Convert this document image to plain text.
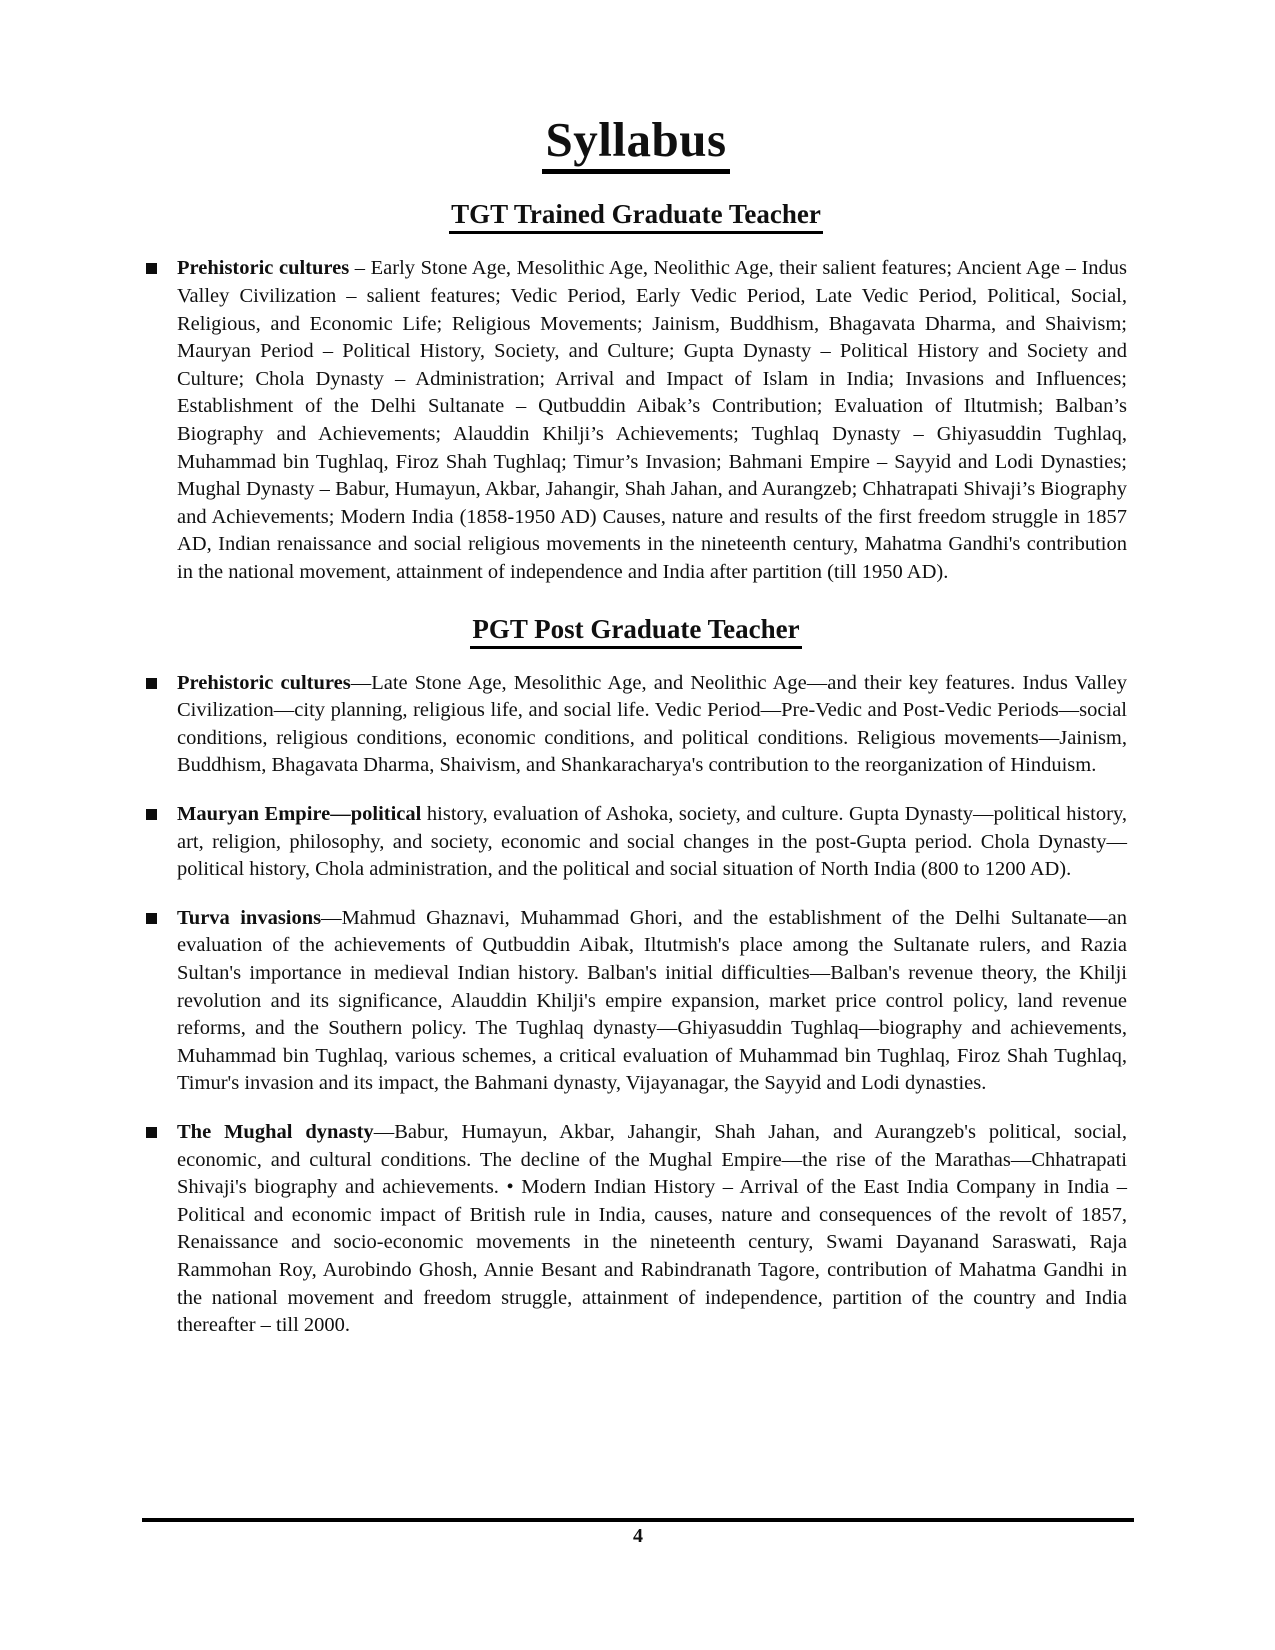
Syllabus
TGT Trained Graduate Teacher

Prehistoric cultures – Early Stone Age, Mesolithic Age, Neolithic Age, their salient features; Ancient Age – Indus Valley Civilization – salient features; Vedic Period, Early Vedic Period, Late Vedic Period, Political, Social, Religious, and Economic Life; Religious Movements; Jainism, Buddhism, Bhagavata Dharma, and Shaivism; Mauryan Period – Political History, Society, and Culture; Gupta Dynasty – Political History and Society and Culture; Chola Dynasty – Administration; Arrival and Impact of Islam in India; Invasions and Influences; Establishment of the Delhi Sultanate – Qutbuddin Aibak’s Contribution; Evaluation of Iltutmish; Balban’s Biography and Achievements; Alauddin Khilji’s Achievements; Tughlaq Dynasty – Ghiyasuddin Tughlaq, Muhammad bin Tughlaq, Firoz Shah Tughlaq; Timur’s Invasion; Bahmani Empire – Sayyid and Lodi Dynasties; Mughal Dynasty – Babur, Humayun, Akbar, Jahangir, Shah Jahan, and Aurangzeb; Chhatrapati Shivaji’s Biography and Achievements; Modern India (1858-1950 AD) Causes, nature and results of the first freedom struggle in 1857 AD, Indian renaissance and social religious movements in the nineteenth century, Mahatma Gandhi's contribution in the national movement, attainment of independence and India after partition (till 1950 AD).

PGT Post Graduate Teacher

Prehistoric cultures—Late Stone Age, Mesolithic Age, and Neolithic Age—and their key features. Indus Valley Civilization—city planning, religious life, and social life. Vedic Period—Pre-Vedic and Post-Vedic Periods—social conditions, religious conditions, economic conditions, and political conditions. Religious movements—Jainism, Buddhism, Bhagavata Dharma, Shaivism, and Shankaracharya's contribution to the reorganization of Hinduism.

Mauryan Empire—political history, evaluation of Ashoka, society, and culture. Gupta Dynasty—political history, art, religion, philosophy, and society, economic and social changes in the post-Gupta period. Chola Dynasty—political history, Chola administration, and the political and social situation of North India (800 to 1200 AD).

Turva invasions—Mahmud Ghaznavi, Muhammad Ghori, and the establishment of the Delhi Sultanate—an evaluation of the achievements of Qutbuddin Aibak, Iltutmish's place among the Sultanate rulers, and Razia Sultan's importance in medieval Indian history. Balban's initial difficulties—Balban's revenue theory, the Khilji revolution and its significance, Alauddin Khilji's empire expansion, market price control policy, land revenue reforms, and the Southern policy. The Tughlaq dynasty—Ghiyasuddin Tughlaq—biography and achievements, Muhammad bin Tughlaq, various schemes, a critical evaluation of Muhammad bin Tughlaq, Firoz Shah Tughlaq, Timur's invasion and its impact, the Bahmani dynasty, Vijayanagar, the Sayyid and Lodi dynasties.

The Mughal dynasty—Babur, Humayun, Akbar, Jahangir, Shah Jahan, and Aurangzeb's political, social, economic, and cultural conditions. The decline of the Mughal Empire—the rise of the Marathas—Chhatrapati Shivaji's biography and achievements. • Modern Indian History – Arrival of the East India Company in India – Political and economic impact of British rule in India, causes, nature and consequences of the revolt of 1857, Renaissance and socio-economic movements in the nineteenth century, Swami Dayanand Saraswati, Raja Rammohan Roy, Aurobindo Ghosh, Annie Besant and Rabindranath Tagore, contribution of Mahatma Gandhi in the national movement and freedom struggle, attainment of independence, partition of the country and India thereafter – till 2000.

4
